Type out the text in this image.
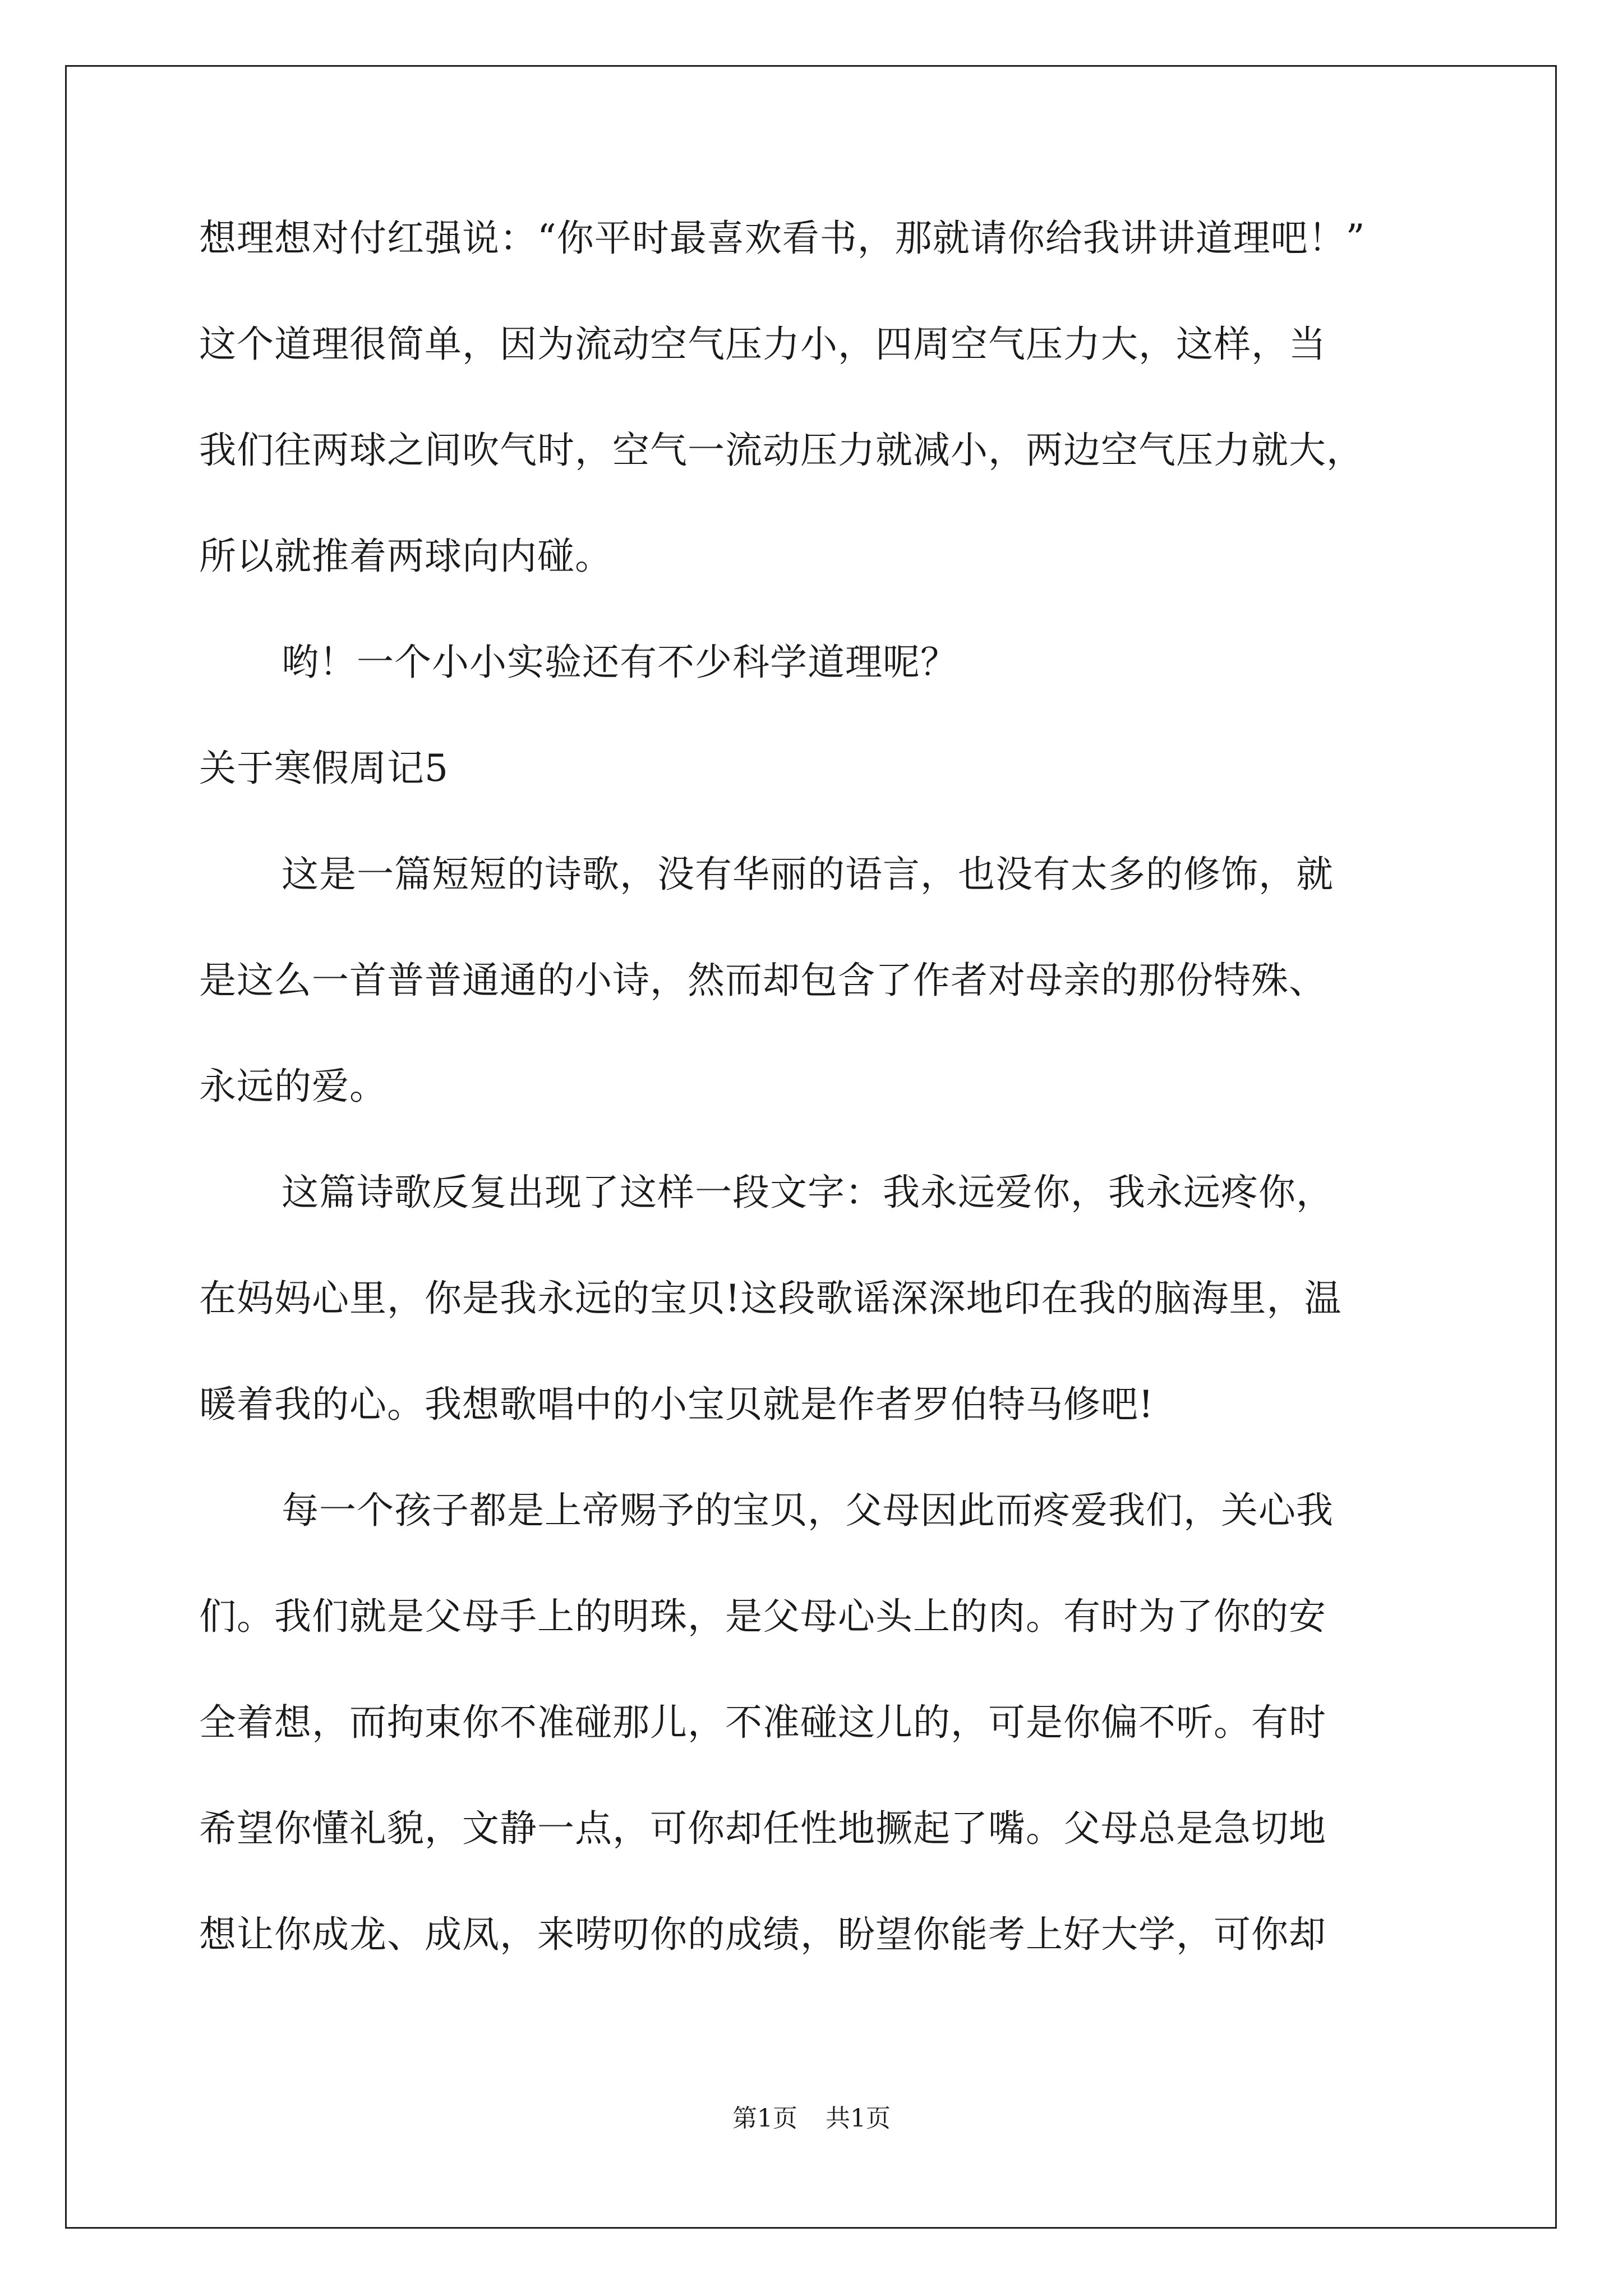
想理想对付红强说：“你平时最喜欢看书，那就请你给我讲讲道理吧！”
这个道理很简单，因为流动空气压力小，四周空气压力大，这样，当
我们往两球之间吹气时，空气一流动压力就减小，两边空气压力就大，
所以就推着两球向内碰。
哟！一个小小实验还有不少科学道理呢？
关于寒假周记5
这是一篇短短的诗歌，没有华丽的语言，也没有太多的修饰，就
是这么一首普普通通的小诗，然而却包含了作者对母亲的那份特殊、
永远的爱。
这篇诗歌反复出现了这样一段文字：我永远爱你，我永远疼你，
在妈妈心里，你是我永远的宝贝!这段歌谣深深地印在我的脑海里，温
暖着我的心。我想歌唱中的小宝贝就是作者罗伯特马修吧!
每一个孩子都是上帝赐予的宝贝，父母因此而疼爱我们，关心我
们。我们就是父母手上的明珠，是父母心头上的肉。有时为了你的安
全着想，而拘束你不准碰那儿，不准碰这儿的，可是你偏不听。有时
希望你懂礼貌，文静一点，可你却任性地撅起了嘴。父母总是急切地
想让你成龙、成凤，来唠叨你的成绩，盼望你能考上好大学，可你却
第1页 共1页
